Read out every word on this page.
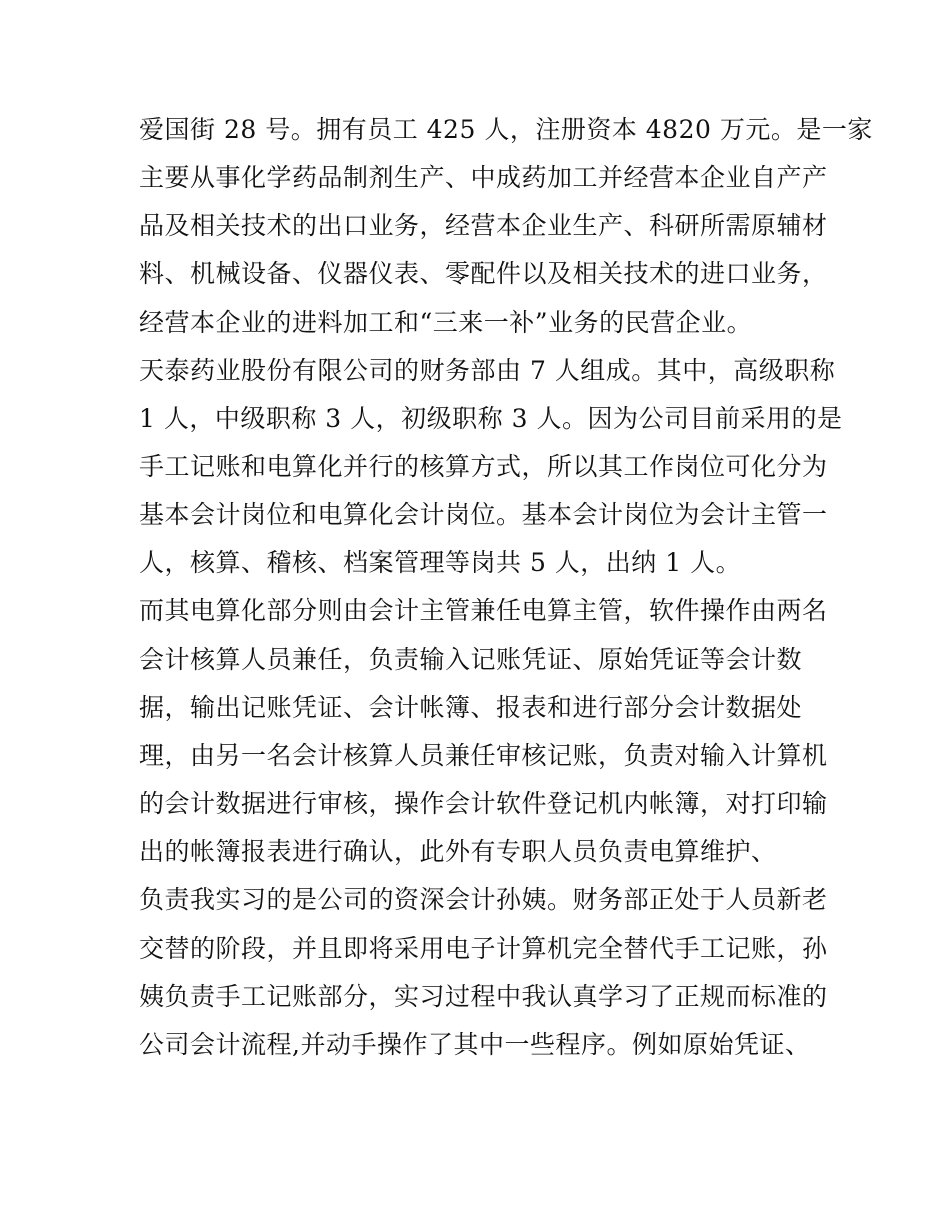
爱国街 28 号。拥有员工 425 人，注册资本 4820 万元。是一家
主要从事化学药品制剂生产、中成药加工并经营本企业自产产
品及相关技术的出口业务，经营本企业生产、科研所需原辅材
料、机械设备、仪器仪表、零配件以及相关技术的进口业务，
经营本企业的进料加工和“三来一补”业务的民营企业。
天泰药业股份有限公司的财务部由 7 人组成。其中，高级职称
1 人，中级职称 3 人，初级职称 3 人。因为公司目前采用的是
手工记账和电算化并行的核算方式，所以其工作岗位可化分为
基本会计岗位和电算化会计岗位。基本会计岗位为会计主管一
人，核算、稽核、档案管理等岗共 5 人，出纳 1 人。
而其电算化部分则由会计主管兼任电算主管，软件操作由两名
会计核算人员兼任，负责输入记账凭证、原始凭证等会计数
据，输出记账凭证、会计帐簿、报表和进行部分会计数据处
理，由另一名会计核算人员兼任审核记账，负责对输入计算机
的会计数据进行审核，操作会计软件登记机内帐簿，对打印输
出的帐簿报表进行确认，此外有专职人员负责电算维护、
负责我实习的是公司的资深会计孙姨。财务部正处于人员新老
交替的阶段，并且即将采用电子计算机完全替代手工记账，孙
姨负责手工记账部分，实习过程中我认真学习了正规而标准的
公司会计流程,并动手操作了其中一些程序。例如原始凭证、
